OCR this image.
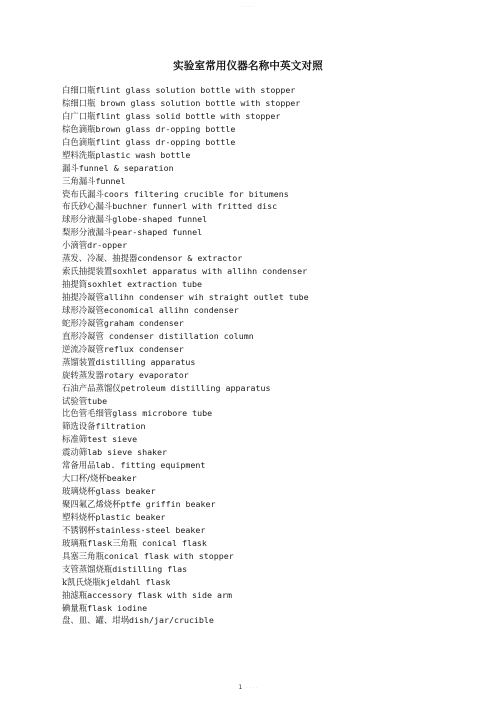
· · · ·
实验室常用仪器名称中英文对照
白细口瓶flint glass solution bottle with stopper
棕细口瓶 brown glass solution bottle with stopper
白广口瓶flint glass solid bottle with stopper
棕色滴瓶brown glass dr-opping bottle
白色滴瓶flint glass dr-opping bottle
塑料洗瓶plastic wash bottle
漏斗funnel & separation
三角漏斗funnel
瓷布氏漏斗coors filtering crucible for bitumens
布氏砂心漏斗buchner funnerl with fritted disc
球形分液漏斗globe-shaped funnel
梨形分液漏斗pear-shaped funnel
小滴管dr-opper
蒸发、冷凝、抽提器condensor & extractor
索氏抽提装置soxhlet apparatus with allihn condenser
抽提筒soxhlet extraction tube
抽提冷凝管allihn condenser wih straight outlet tube
球形冷凝管economical allihn condenser
蛇形冷凝管graham condenser
直形冷凝管 condenser distillation column
逆流冷凝管reflux condenser
蒸馏装置distilling apparatus
旋转蒸发器rotary evaporator
石油产品蒸馏仪petroleum distilling apparatus
试验管tube
比色管毛细管glass microbore tube
筛选设备filtration
标准筛test sieve
震动筛lab sieve shaker
常备用品lab. fitting equipment
大口杯/烧杯beaker
玻璃烧杯glass beaker
聚四氟乙烯烧杯ptfe griffin beaker
塑料烧杯plastic beaker
不锈钢杯stainless-steel beaker
玻璃瓶flask三角瓶 conical flask
具塞三角瓶conical flask with stopper
支管蒸馏烧瓶distilling flas
k凯氏烧瓶kjeldahl flask
抽滤瓶accessory flask with side arm
碘量瓶flask iodine
盘、皿、罐、坩埚dish/jar/crucible
1 · · · ·
